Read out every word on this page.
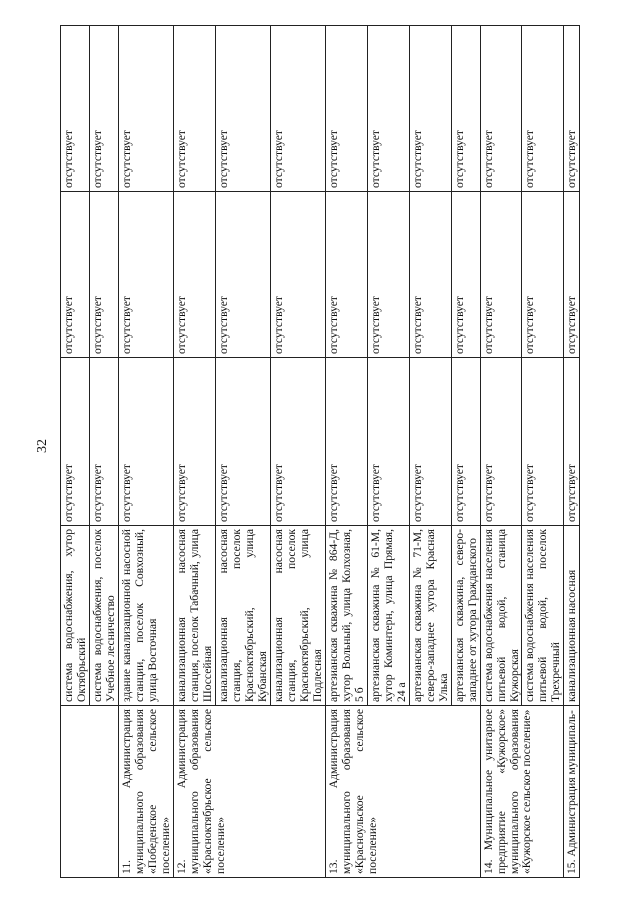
32
	система водоснабжения, хутор Октябрьский	отсутствует	отсутствует	отсутствует
	система водоснабжения, поселок Учебное лесничество	отсутствует	отсутствует	отсутствует
11. Администрация муниципального образования «Победенское сельское поселение»	здание канализационной насосной станции, поселок Совхозный, улица Восточная	отсутствует	отсутствует	отсутствует
12. Администрация муниципального образования «Красноктябрьское сельское поселение»	канализационная насосная станция, поселок Табачный, улица Шоссейная	отсутствует	отсутствует	отсутствует
	канализационная насосная станция, поселок Красноктябрьский, улица Кубанская	отсутствует	отсутствует	отсутствует
	канализационная насосная станция, поселок Красноктябрьский, улица Подлесная	отсутствует	отсутствует	отсутствует
13. Администрация муниципального образования «Красноульское сельское поселение»	артезианская скважина № 864-Д, хутор Вольный, улица Колхозная, 5 б	отсутствует	отсутствует	отсутствует
	артезианская скважина № 61-М, хутор Коминтерн, улица Прямая, 24 а	отсутствует	отсутствует	отсутствует
	артезианская скважина № 71-М, северо-западнее хутора Красная Улька	отсутствует	отсутствует	отсутствует
	артезианская скважина, северо-западнее от хутора Гражданского	отсутствует	отсутствует	отсутствует
14. Муниципальное унитарное предприятие «Кужорское» муниципального образования «Кужорское сельское поселение»	система водоснабжения населения питьевой водой, станица Кужорская	отсутствует	отсутствует	отсутствует
	система водоснабжения населения питьевой водой, поселок Трехречный	отсутствует	отсутствует	отсутствует
15. Администрация муниципаль-	канализационная насосная	отсутствует	отсутствует	отсутствует
